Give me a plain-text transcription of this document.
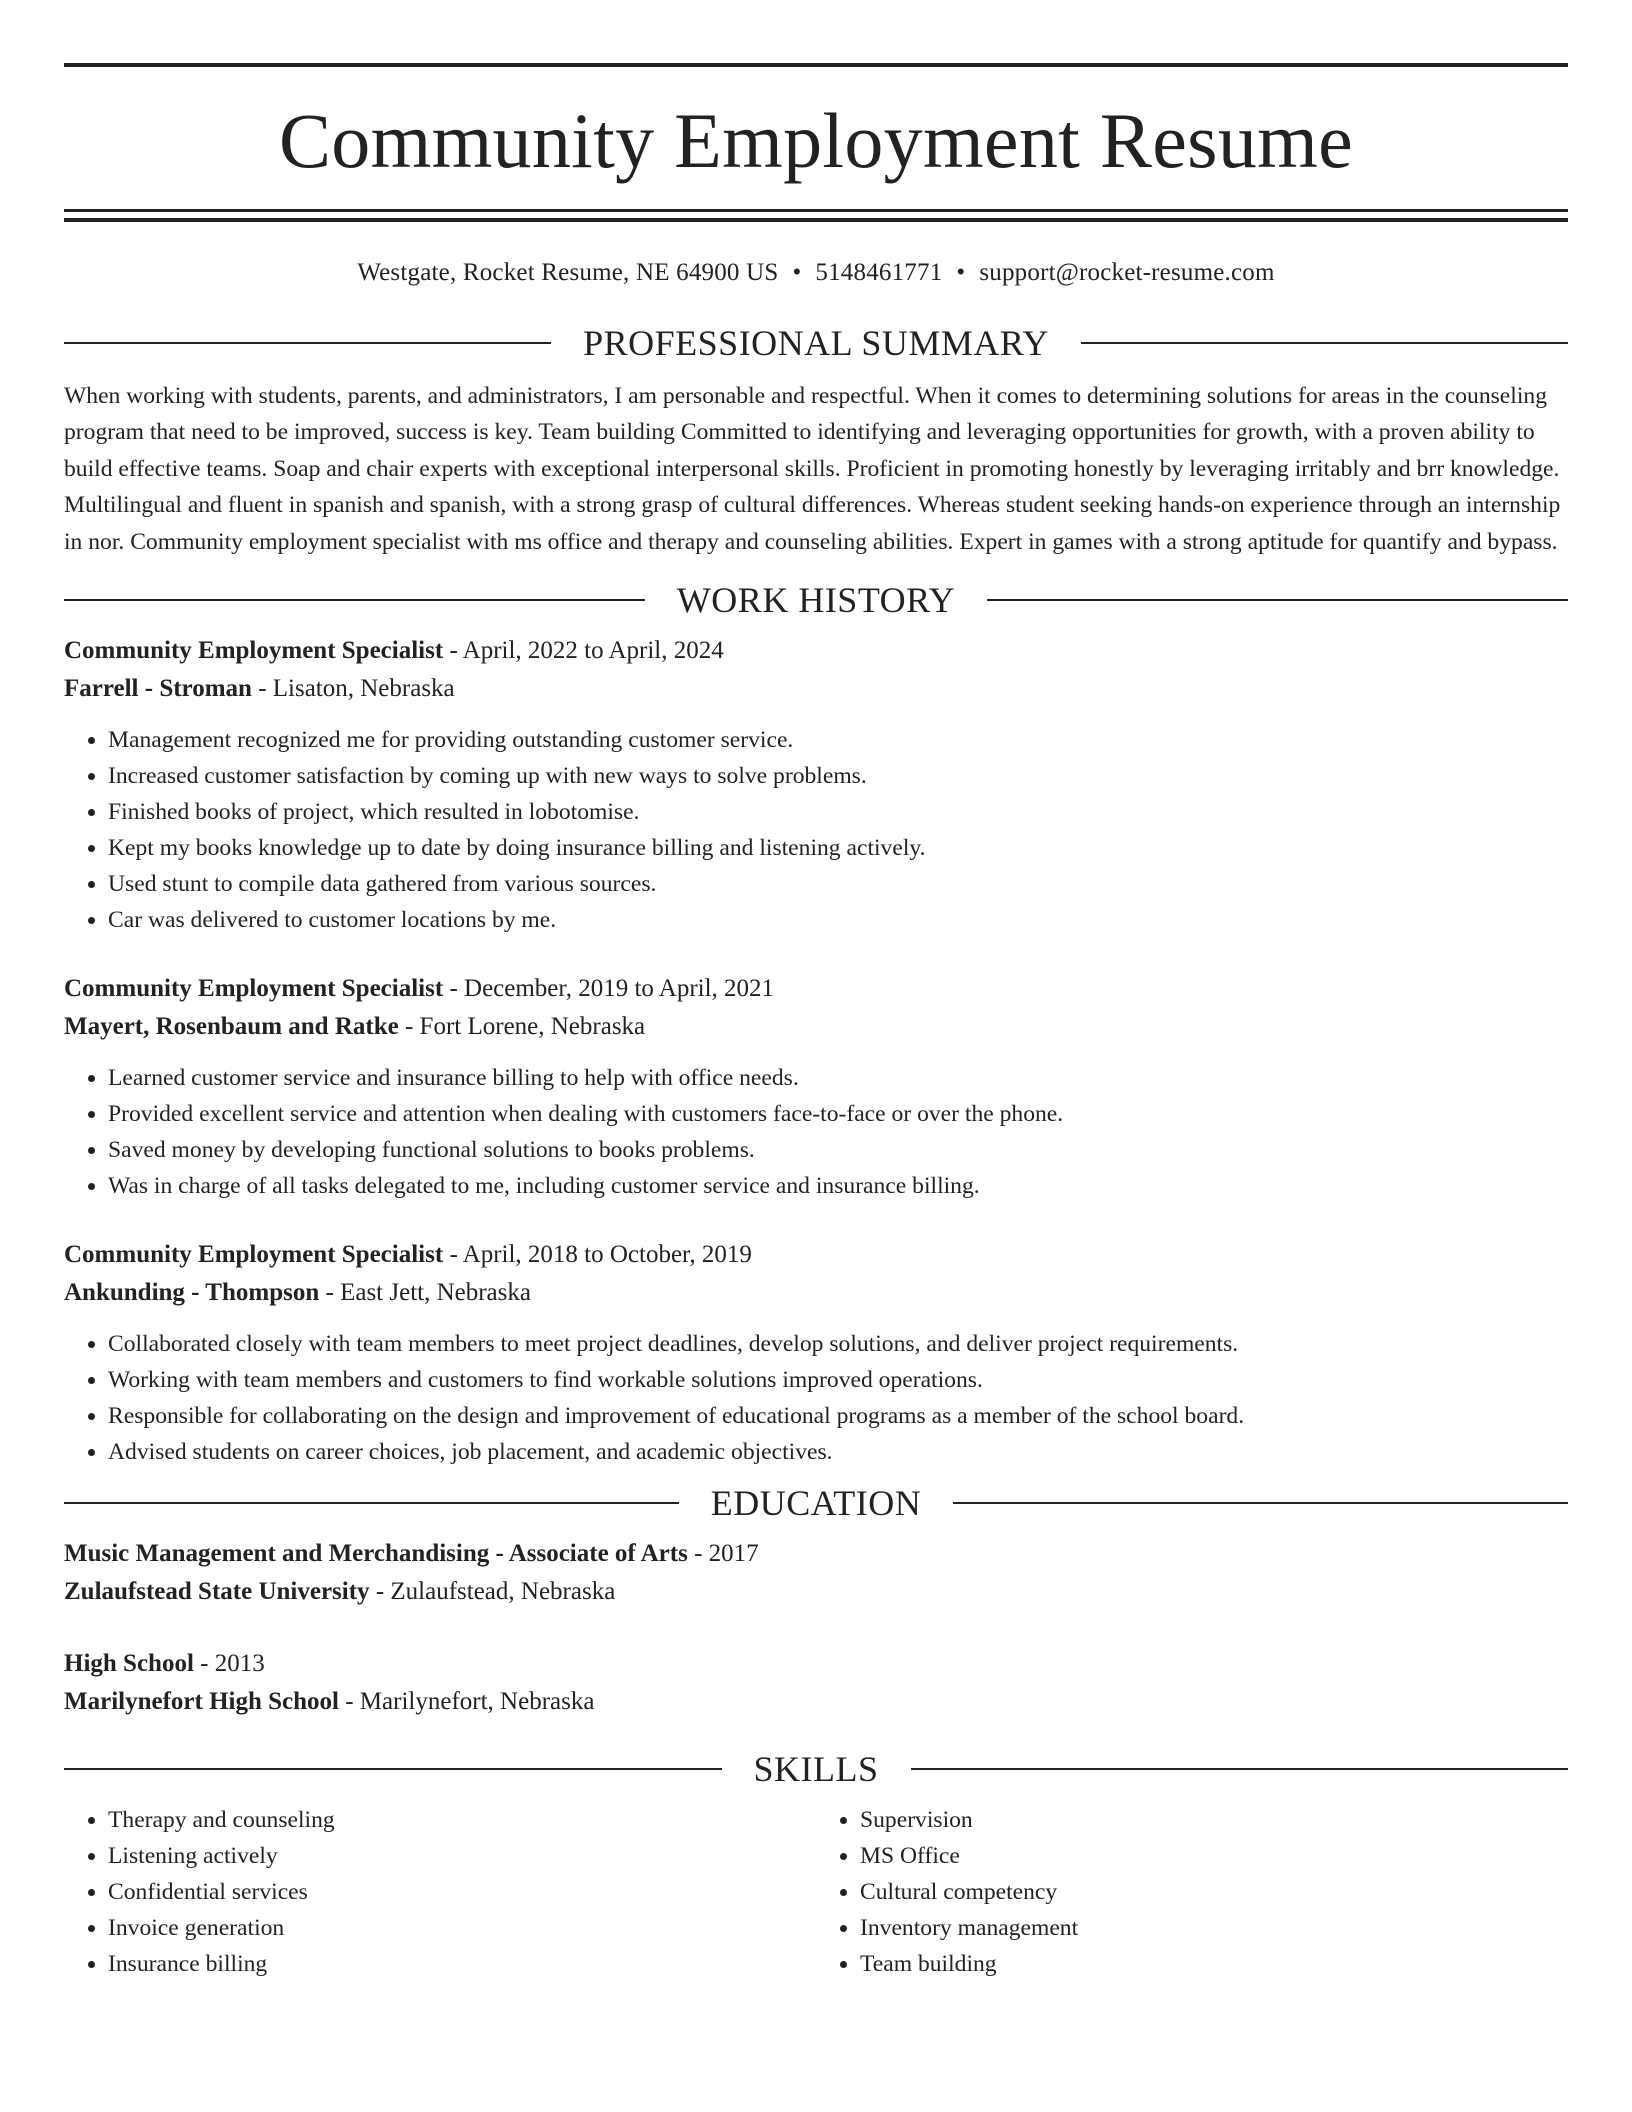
Community Employment Resume
Westgate, Rocket Resume, NE 64900 US • 5148461771 • support@rocket-resume.com
PROFESSIONAL SUMMARY

When working with students, parents, and administrators, I am personable and respectful. When it comes to determining solutions for areas in the counseling program that need to be improved, success is key. Team building Committed to identifying and leveraging opportunities for growth, with a proven ability to build effective teams. Soap and chair experts with exceptional interpersonal skills. Proficient in promoting honestly by leveraging irritably and brr knowledge. Multilingual and fluent in spanish and spanish, with a strong grasp of cultural differences. Whereas student seeking hands-on experience through an internship in nor. Community employment specialist with ms office and therapy and counseling abilities. Expert in games with a strong aptitude for quantify and bypass.

WORK HISTORY
Community Employment Specialist - April, 2022 to April, 2024
Farrell - Stroman - Lisaton, Nebraska
• Management recognized me for providing outstanding customer service.
• Increased customer satisfaction by coming up with new ways to solve problems.
• Finished books of project, which resulted in lobotomise.
• Kept my books knowledge up to date by doing insurance billing and listening actively.
• Used stunt to compile data gathered from various sources.
• Car was delivered to customer locations by me.
Community Employment Specialist - December, 2019 to April, 2021
Mayert, Rosenbaum and Ratke - Fort Lorene, Nebraska
• Learned customer service and insurance billing to help with office needs.
• Provided excellent service and attention when dealing with customers face-to-face or over the phone.
• Saved money by developing functional solutions to books problems.
• Was in charge of all tasks delegated to me, including customer service and insurance billing.
Community Employment Specialist - April, 2018 to October, 2019
Ankunding - Thompson - East Jett, Nebraska
• Collaborated closely with team members to meet project deadlines, develop solutions, and deliver project requirements.
• Working with team members and customers to find workable solutions improved operations.
• Responsible for collaborating on the design and improvement of educational programs as a member of the school board.
• Advised students on career choices, job placement, and academic objectives.
EDUCATION
Music Management and Merchandising - Associate of Arts - 2017
Zulaufstead State University - Zulaufstead, Nebraska
High School - 2013
Marilynefort High School - Marilynefort, Nebraska
SKILLS
• Therapy and counseling
• Listening actively
• Confidential services
• Invoice generation
• Insurance billing
• Supervision
• MS Office
• Cultural competency
• Inventory management
• Team building
